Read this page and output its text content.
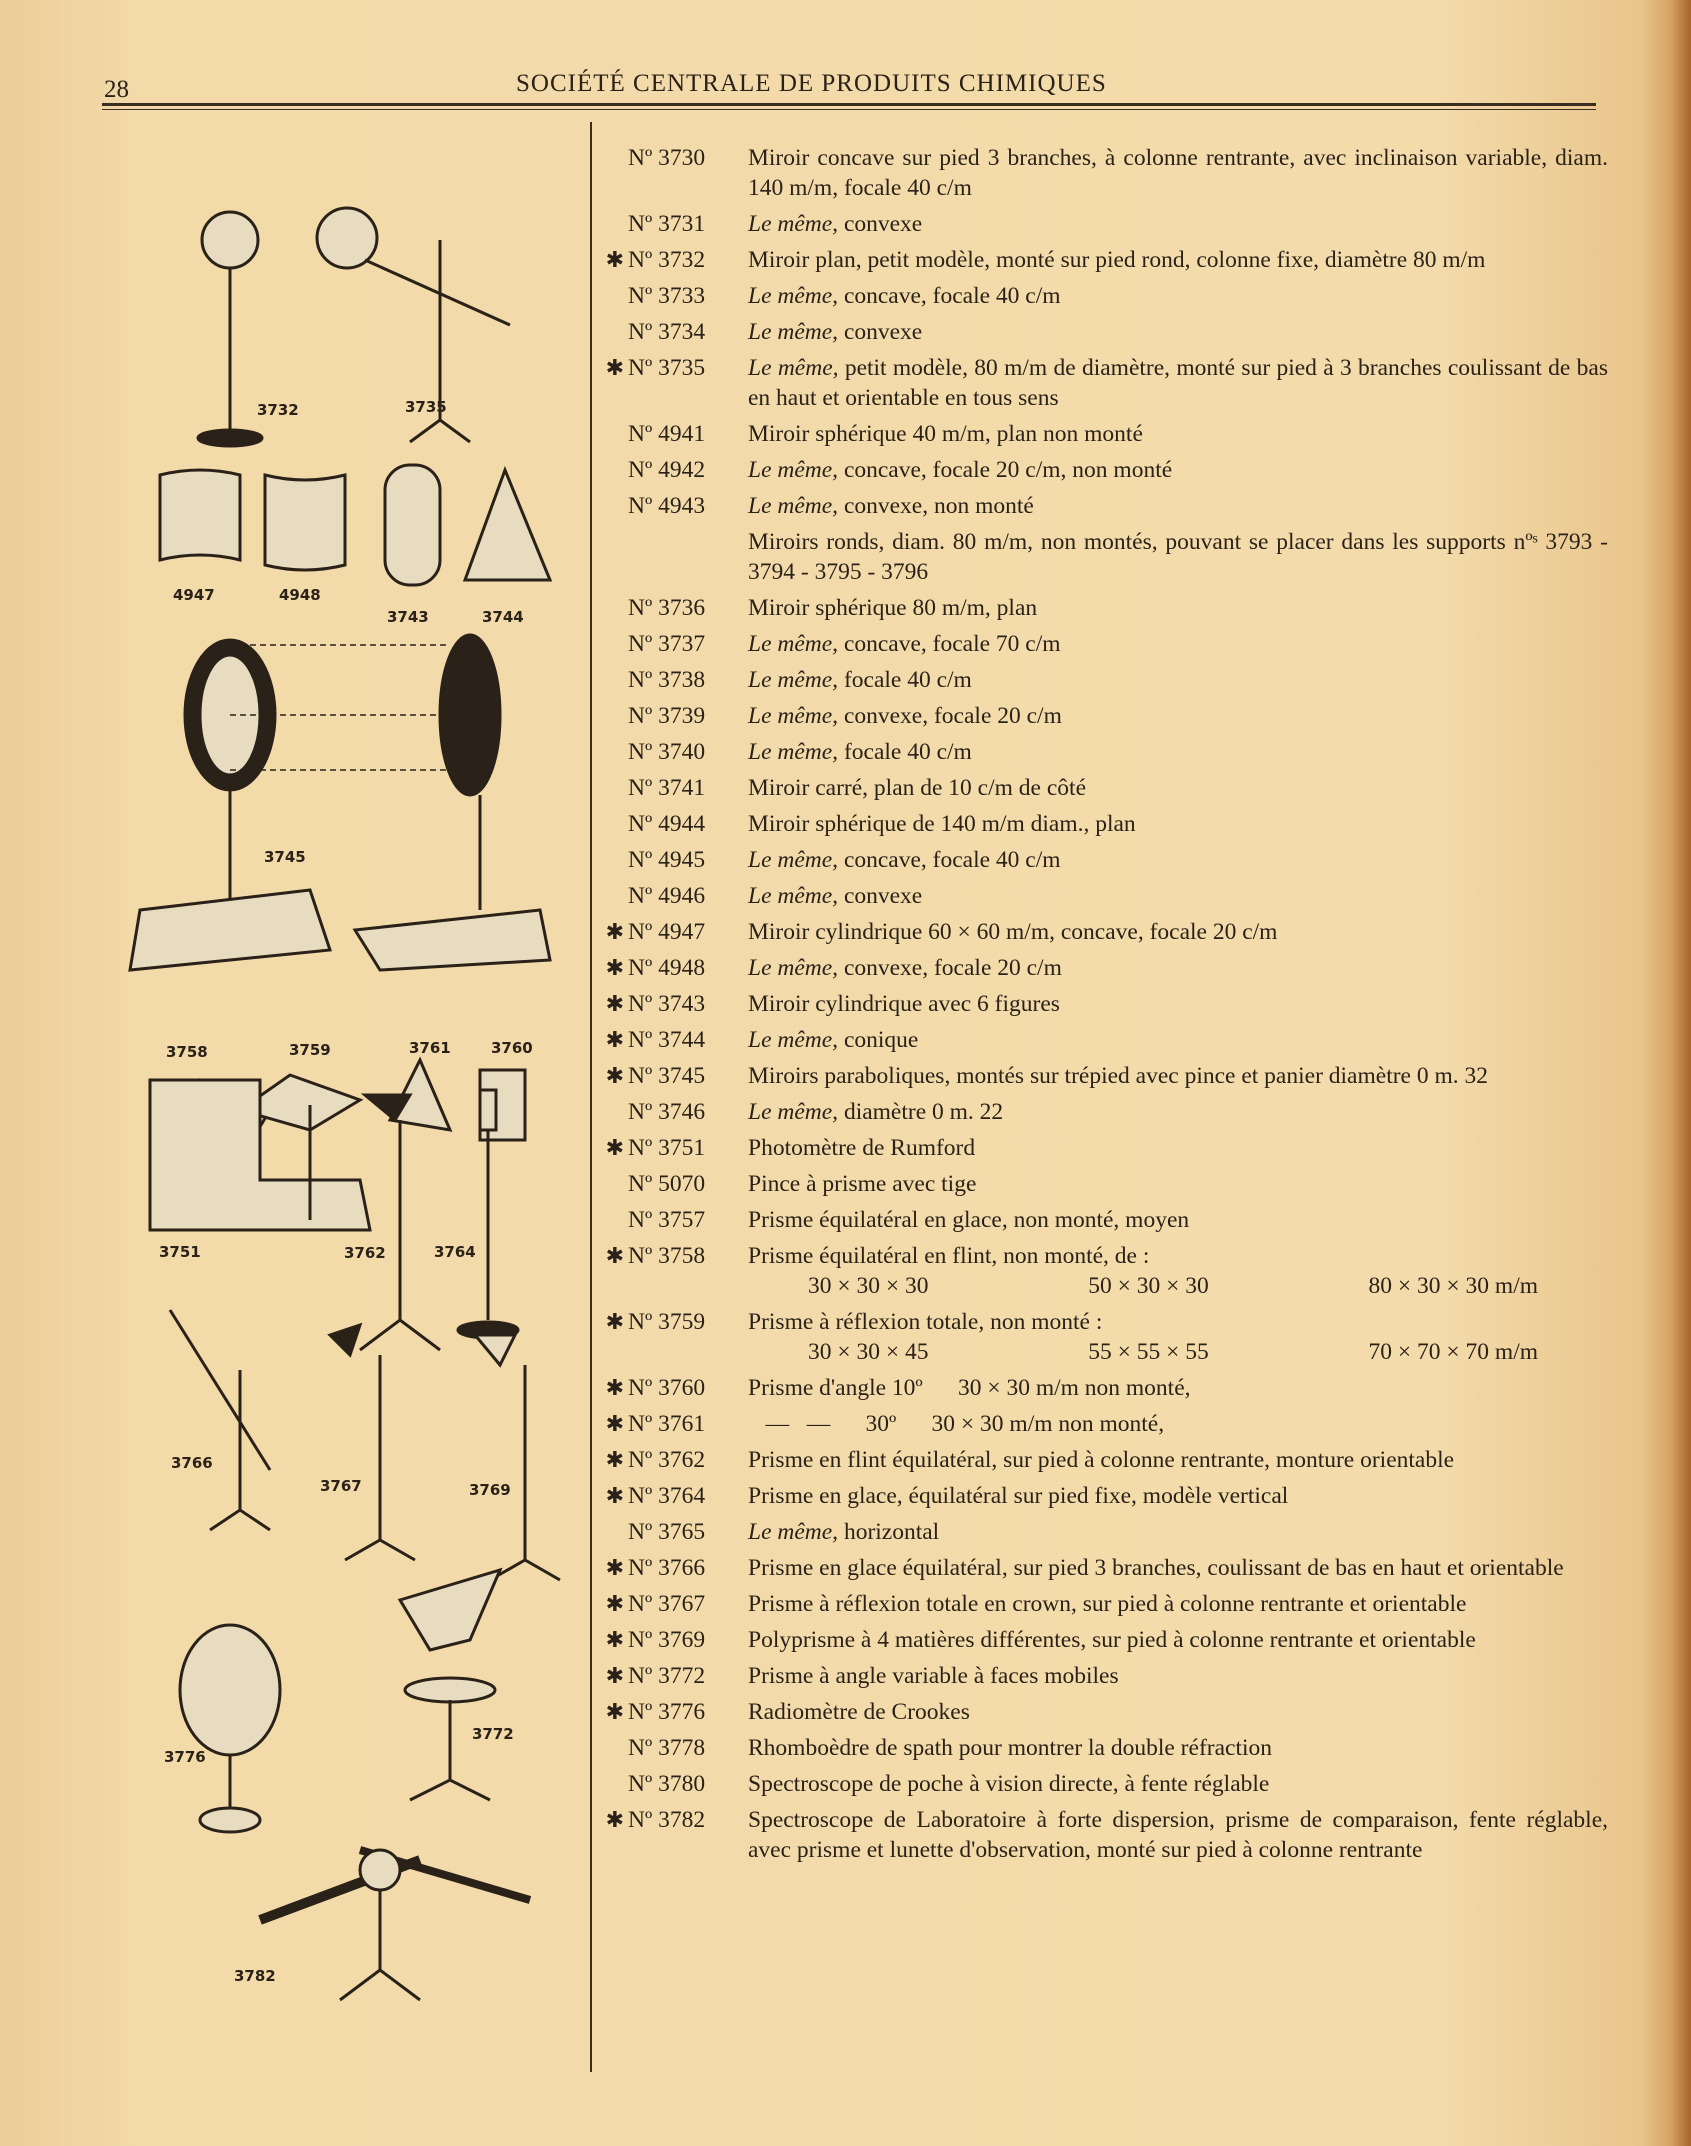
28	SOCIÉTÉ CENTRALE DE PRODUITS CHIMIQUES
3732	3735
4947	4948
3743	3744
3745
3758	3759	3761	3760
3751	3762	3764
3766
3767	3769
3776
3772
3782
Nº 3730	Miroir concave sur pied 3 branches, à colonne rentrante, avec inclinaison variable, diam. 140 m/m, focale 40 c/m
Nº 3731	Le même, convexe
✱ Nº 3732	Miroir plan, petit modèle, monté sur pied rond, colonne fixe, diamètre 80 m/m
Nº 3733	Le même, concave, focale 40 c/m
Nº 3734	Le même, convexe
✱ Nº 3735	Le même, petit modèle, 80 m/m de diamètre, monté sur pied à 3 branches coulissant de bas en haut et orientable en tous sens
Nº 4941	Miroir sphérique 40 m/m, plan non monté
Nº 4942	Le même, concave, focale 20 c/m, non monté
Nº 4943	Le même, convexe, non monté
Miroirs ronds, diam. 80 m/m, non montés, pouvant se placer dans les supports nºˢ 3793 - 3794 - 3795 - 3796
Nº 3736	Miroir sphérique 80 m/m, plan
Nº 3737	Le même, concave, focale 70 c/m
Nº 3738	Le même, focale 40 c/m
Nº 3739	Le même, convexe, focale 20 c/m
Nº 3740	Le même, focale 40 c/m
Nº 3741	Miroir carré, plan de 10 c/m de côté
Nº 4944	Miroir sphérique de 140 m/m diam., plan
Nº 4945	Le même, concave, focale 40 c/m
Nº 4946	Le même, convexe
✱ Nº 4947	Miroir cylindrique 60 × 60 m/m, concave, focale 20 c/m
✱ Nº 4948	Le même, convexe, focale 20 c/m
✱ Nº 3743	Miroir cylindrique avec 6 figures
✱ Nº 3744	Le même, conique
✱ Nº 3745	Miroirs paraboliques, montés sur trépied avec pince et panier diamètre 0 m. 32
Nº 3746	Le même, diamètre 0 m. 22
✱ Nº 3751	Photomètre de Rumford
Nº 5070	Pince à prisme avec tige
Nº 3757	Prisme équilatéral en glace, non monté, moyen
✱ Nº 3758	Prisme équilatéral en flint, non monté, de :
30 × 30 × 30	50 × 30 × 30	80 × 30 × 30 m/m
✱ Nº 3759	Prisme à réflexion totale, non monté :
30 × 30 × 45	55 × 55 × 55	70 × 70 × 70 m/m
✱ Nº 3760	Prisme d'angle 10º      30 × 30 m/m non monté,
✱ Nº 3761	—   —      30º      30 × 30 m/m non monté,
✱ Nº 3762	Prisme en flint équilatéral, sur pied à colonne rentrante, monture orientable
✱ Nº 3764	Prisme en glace, équilatéral sur pied fixe, modèle vertical
Nº 3765	Le même, horizontal
✱ Nº 3766	Prisme en glace équilatéral, sur pied 3 branches, coulissant de bas en haut et orientable
✱ Nº 3767	Prisme à réflexion totale en crown, sur pied à colonne rentrante et orientable
✱ Nº 3769	Polyprisme à 4 matières différentes, sur pied à colonne rentrante et orientable
✱ Nº 3772	Prisme à angle variable à faces mobiles
✱ Nº 3776	Radiomètre de Crookes
Nº 3778	Rhomboèdre de spath pour montrer la double réfraction
Nº 3780	Spectroscope de poche à vision directe, à fente réglable
✱ Nº 3782	Spectroscope de Laboratoire à forte dispersion, prisme de comparaison, fente réglable, avec prisme et lunette d'observation, monté sur pied à colonne rentrante
